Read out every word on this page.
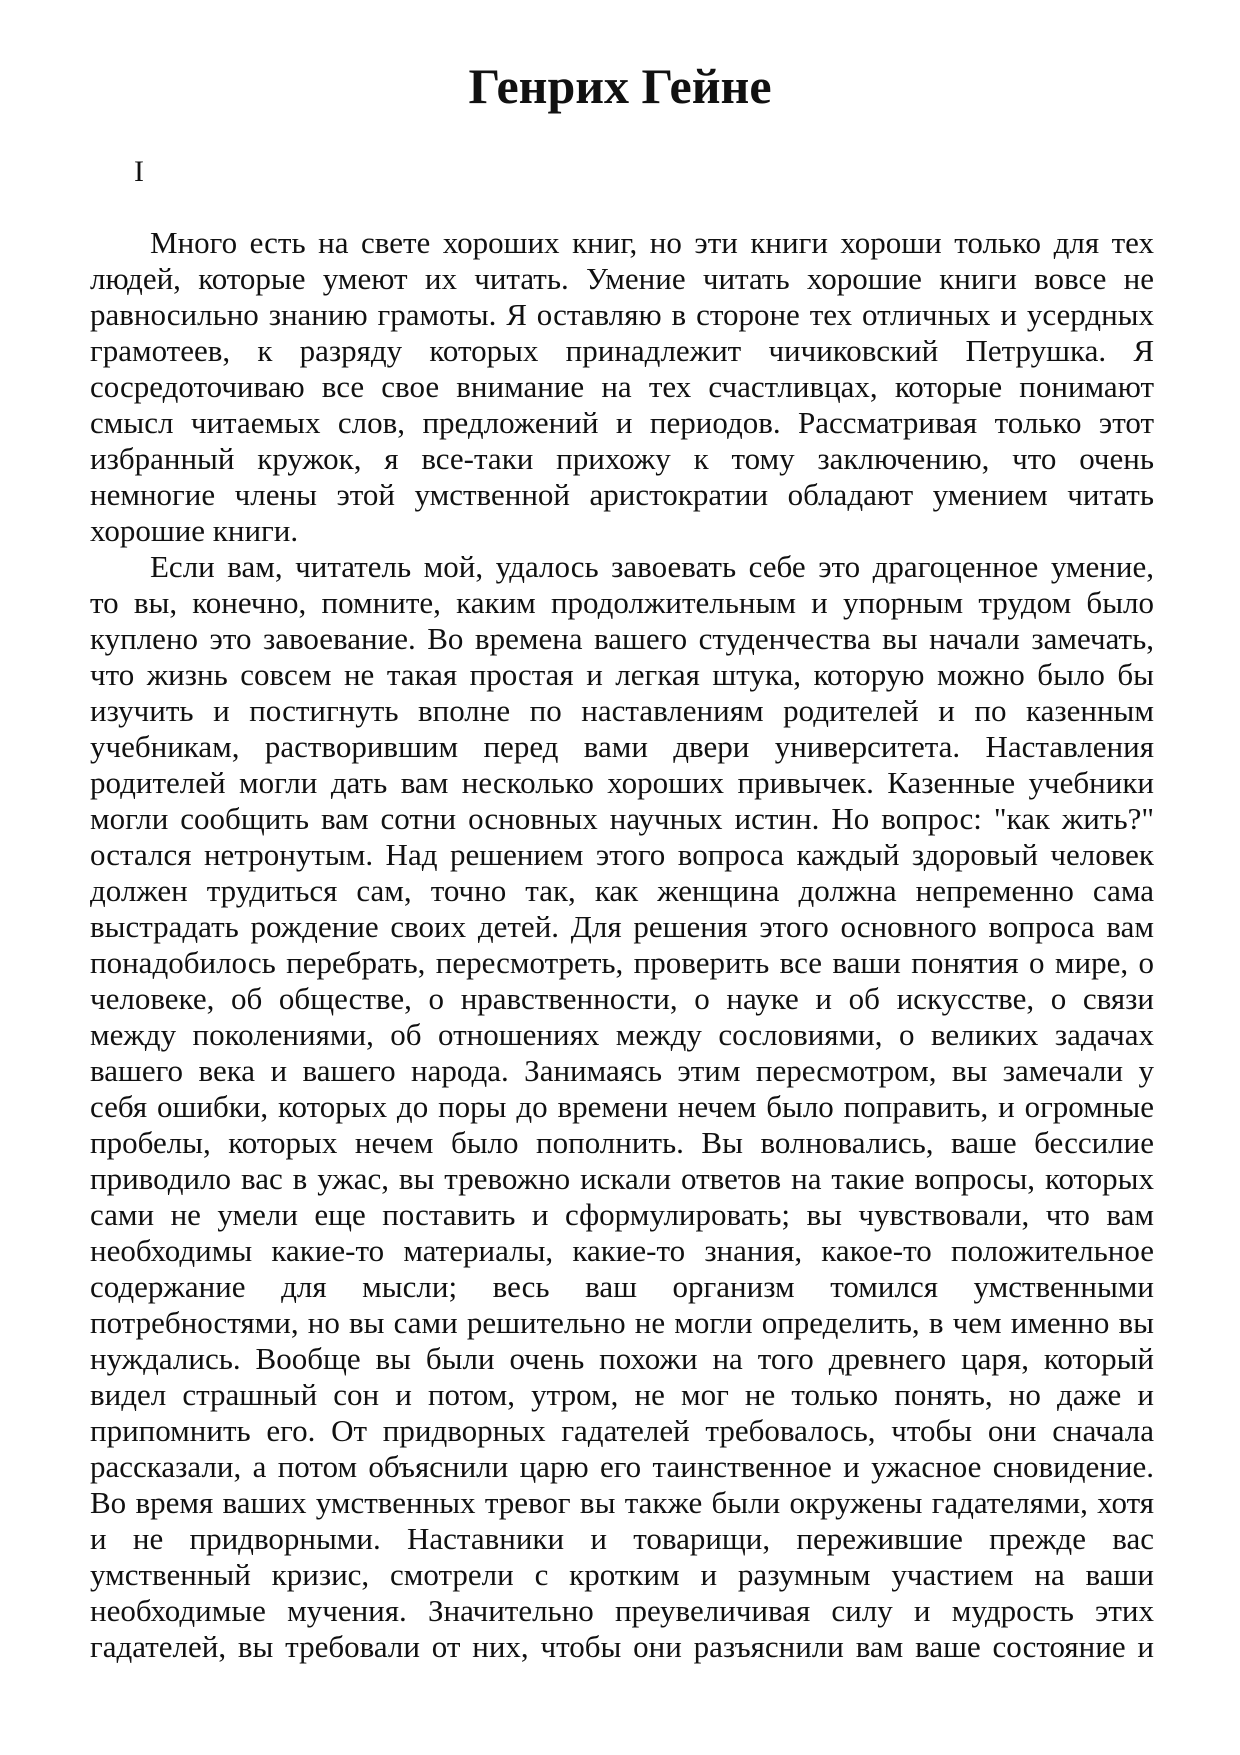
Генрих Гейне
I
Много есть на свете хороших книг, но эти книги хороши только для тех
людей, которые умеют их читать. Умение читать хорошие книги вовсе не
равносильно знанию грамоты. Я оставляю в стороне тех отличных и усердных
грамотеев, к разряду которых принадлежит чичиковский Петрушка. Я
сосредоточиваю все свое внимание на тех счастливцах, которые понимают
смысл читаемых слов, предложений и периодов. Рассматривая только этот
избранный кружок, я все-таки прихожу к тому заключению, что очень
немногие члены этой умственной аристократии обладают умением читать
хорошие книги.
Если вам, читатель мой, удалось завоевать себе это драгоценное умение,
то вы, конечно, помните, каким продолжительным и упорным трудом было
куплено это завоевание. Во времена вашего студенчества вы начали замечать,
что жизнь совсем не такая простая и легкая штука, которую можно было бы
изучить и постигнуть вполне по наставлениям родителей и по казенным
учебникам, растворившим перед вами двери университета. Наставления
родителей могли дать вам несколько хороших привычек. Казенные учебники
могли сообщить вам сотни основных научных истин. Но вопрос: "как жить?"
остался нетронутым. Над решением этого вопроса каждый здоровый человек
должен трудиться сам, точно так, как женщина должна непременно сама
выстрадать рождение своих детей. Для решения этого основного вопроса вам
понадобилось перебрать, пересмотреть, проверить все ваши понятия о мире, о
человеке, об обществе, о нравственности, о науке и об искусстве, о связи
между поколениями, об отношениях между сословиями, о великих задачах
вашего века и вашего народа. Занимаясь этим пересмотром, вы замечали у
себя ошибки, которых до поры до времени нечем было поправить, и огромные
пробелы, которых нечем было пополнить. Вы волновались, ваше бессилие
приводило вас в ужас, вы тревожно искали ответов на такие вопросы, которых
сами не умели еще поставить и сформулировать; вы чувствовали, что вам
необходимы какие-то материалы, какие-то знания, какое-то положительное
содержание для мысли; весь ваш организм томился умственными
потребностями, но вы сами решительно не могли определить, в чем именно вы
нуждались. Вообще вы были очень похожи на того древнего царя, который
видел страшный сон и потом, утром, не мог не только понять, но даже и
припомнить его. От придворных гадателей требовалось, чтобы они сначала
рассказали, а потом объяснили царю его таинственное и ужасное сновидение.
Во время ваших умственных тревог вы также были окружены гадателями, хотя
и не придворными. Наставники и товарищи, пережившие прежде вас
умственный кризис, смотрели с кротким и разумным участием на ваши
необходимые мучения. Значительно преувеличивая силу и мудрость этих
гадателей, вы требовали от них, чтобы они разъяснили вам ваше состояние и
